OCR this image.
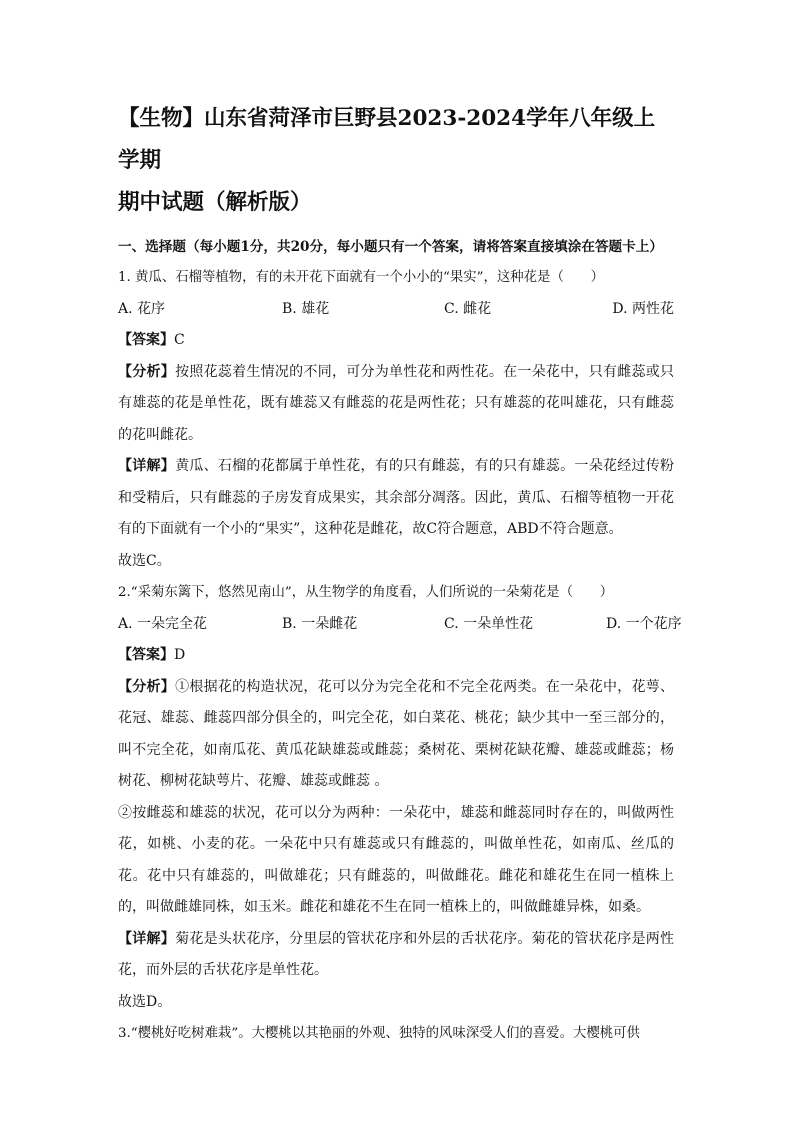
【生物】山东省菏泽市巨野县2023-2024学年八年级上学期
期中试题（解析版）
一、选择题（每小题1分，共20分，每小题只有一个答案，请将答案直接填涂在答题卡上）

1. 黄瓜、石榴等植物，有的未开花下面就有一个小小的“果实”，这种花是（　　）

A. 花序	B. 雄花	C. 雌花	D. 两性花

【答案】C

【分析】按照花蕊着生情况的不同，可分为单性花和两性花。在一朵花中，只有雌蕊或只有雄蕊的花是单性花，既有雄蕊又有雌蕊的花是两性花；只有雄蕊的花叫雄花，只有雌蕊的花叫雌花。

【详解】黄瓜、石榴的花都属于单性花，有的只有雌蕊，有的只有雄蕊。一朵花经过传粉和受精后，只有雌蕊的子房发育成果实，其余部分凋落。因此，黄瓜、石榴等植物一开花有的下面就有一个小的“果实”，这种花是雌花，故C符合题意，ABD不符合题意。

故选C。

2.“采菊东篱下，悠然见南山”，从生物学的角度看，人们所说的一朵菊花是（　　）

A. 一朵完全花	B. 一朵雌花	C. 一朵单性花	D. 一个花序

【答案】D

【分析】①根据花的构造状况，花可以分为完全花和不完全花两类。在一朵花中，花萼、花冠、雄蕊、雌蕊四部分俱全的，叫完全花，如白菜花、桃花；缺少其中一至三部分的，叫不完全花，如南瓜花、黄瓜花缺雄蕊或雌蕊；桑树花、栗树花缺花瓣、雄蕊或雌蕊；杨树花、柳树花缺萼片、花瓣、雄蕊或雌蕊 。

②按雌蕊和雄蕊的状况，花可以分为两种：一朵花中，雄蕊和雌蕊同时存在的，叫做两性花，如桃、小麦的花。一朵花中只有雄蕊或只有雌蕊的，叫做单性花，如南瓜、丝瓜的花。花中只有雄蕊的，叫做雄花；只有雌蕊的，叫做雌花。雌花和雄花生在同一植株上的，叫做雌雄同株，如玉米。雌花和雄花不生在同一植株上的，叫做雌雄异株，如桑。

【详解】菊花是头状花序，分里层的管状花序和外层的舌状花序。菊花的管状花序是两性花，而外层的舌状花序是单性花。

故选D。

3.“樱桃好吃树难栽”。大樱桃以其艳丽的外观、独特的风味深受人们的喜爱。大樱桃可供
